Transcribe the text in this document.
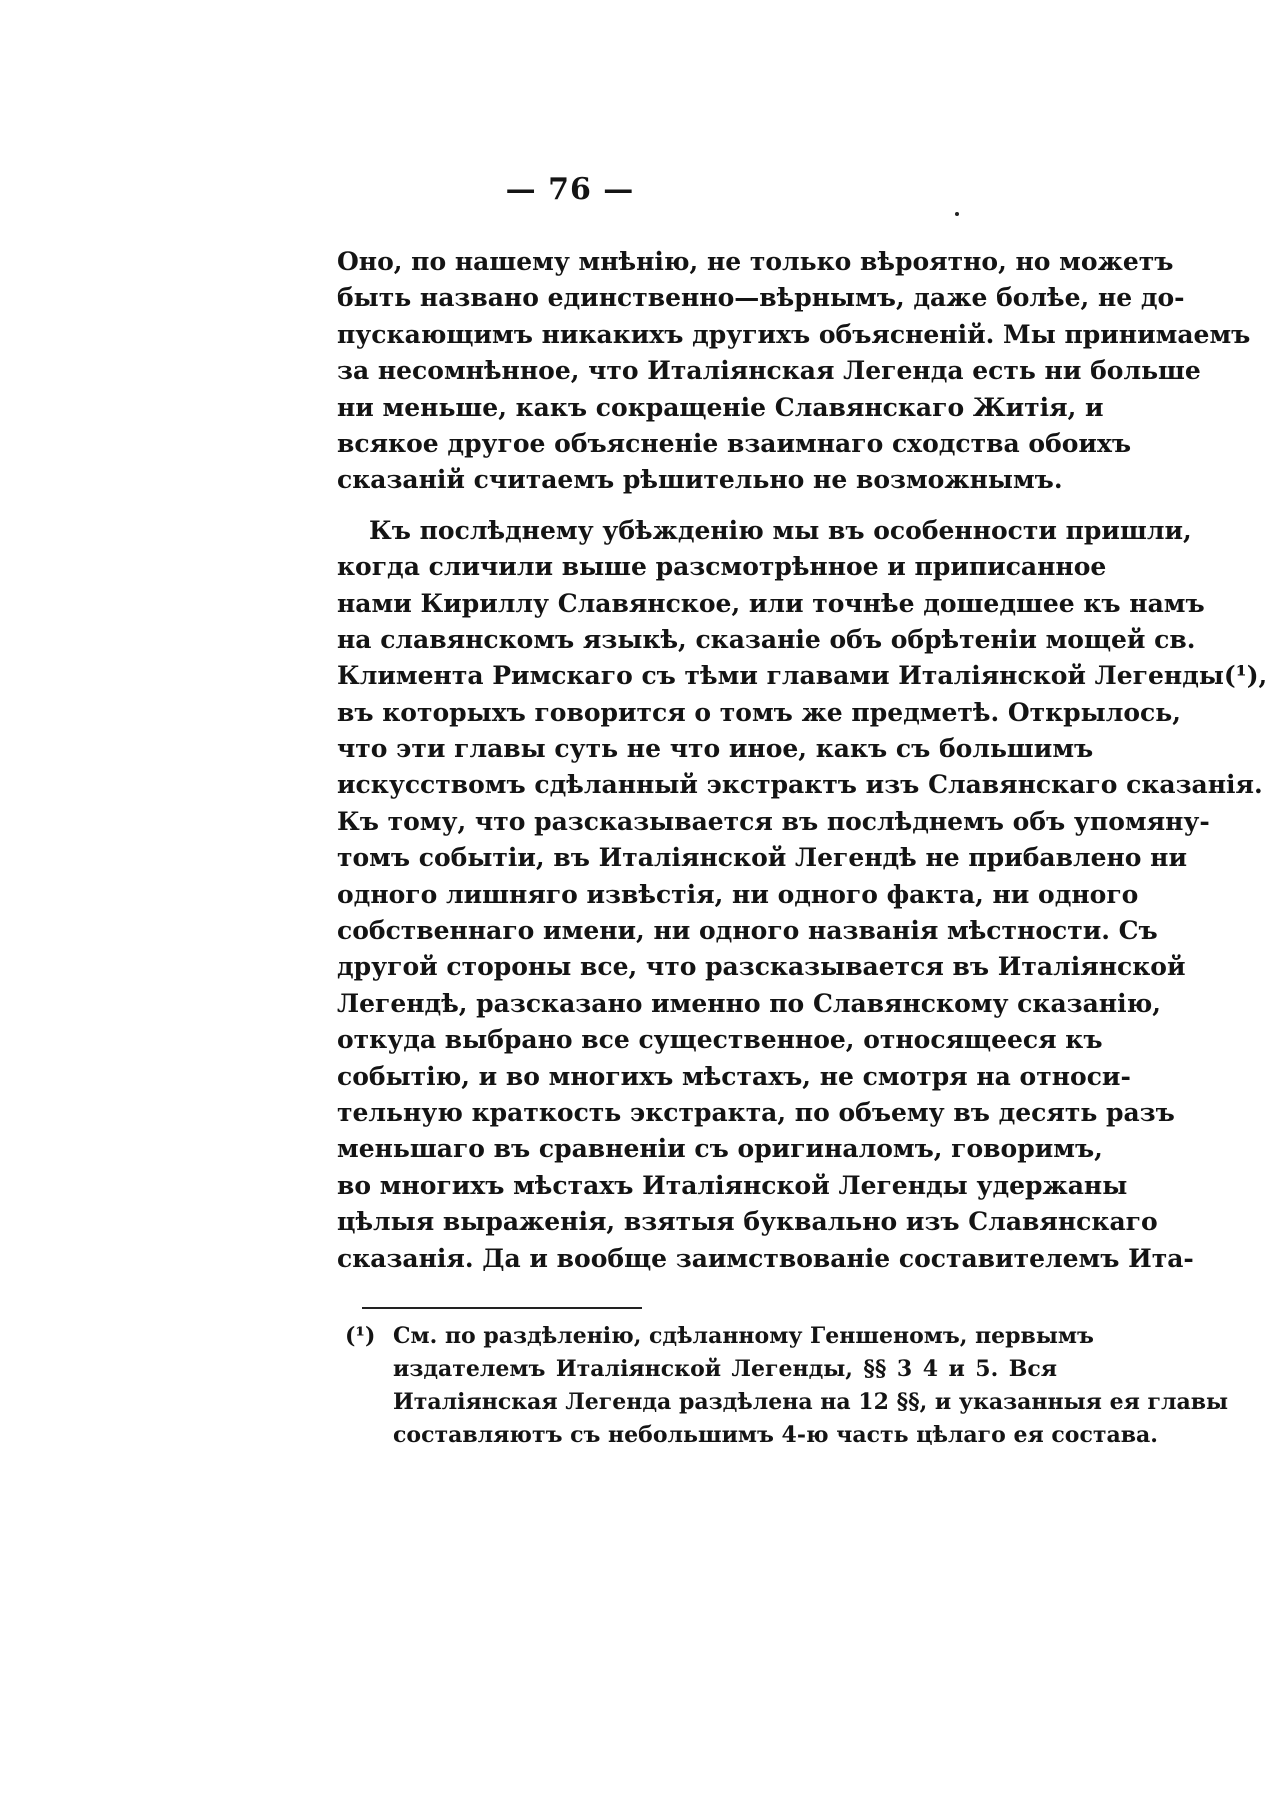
— 76 —
Оно, по нашему мнѣнію, не только вѣроятно, но можетъ
быть названо единственно—вѣрнымъ, даже болѣе, не до-
пускающимъ никакихъ другихъ объясненій. Мы принимаемъ
за несомнѣнное, что Италіянская Легенда есть ни больше
ни меньше, какъ сокращеніе Славянскаго Житія, и
всякое другое объясненіе взаимнаго сходства обоихъ
сказаній считаемъ рѣшительно не возможнымъ.
Къ послѣднему убѣжденію мы въ особенности пришли,
когда сличили выше разсмотрѣнное и приписанное
нами Кириллу Славянское, или точнѣе дошедшее къ намъ
на славянскомъ языкѣ, сказаніе объ обрѣтеніи мощей св.
Климента Римскаго съ тѣми главами Италіянской Легенды(¹),
въ которыхъ говорится о томъ же предметѣ. Открылось,
что эти главы суть не что иное, какъ съ большимъ
искусствомъ сдѣланный экстрактъ изъ Славянскаго сказанія.
Къ тому, что разсказывается въ послѣднемъ объ упомяну-
томъ событіи, въ Италіянской Легендѣ не прибавлено ни
одного лишняго извѣстія, ни одного факта, ни одного
собственнаго имени, ни одного названія мѣстности. Съ
другой стороны все, что разсказывается въ Италіянской
Легендѣ, разсказано именно по Славянскому сказанію,
откуда выбрано все существенное, относящееся къ
событію, и во многихъ мѣстахъ, не смотря на относи-
тельную краткость экстракта, по объему въ десять разъ
меньшаго въ сравненіи съ оригиналомъ, говоримъ,
во многихъ мѣстахъ Италіянской Легенды удержаны
цѣлыя выраженія, взятыя буквально изъ Славянскаго
сказанія. Да и вообще заимствованіе составителемъ Ита-
(¹) См. по раздѣленію, сдѣланному Геншеномъ, первымъ
издателемъ Италіянской Легенды, §§ 3 4 и 5. Вся
Италіянская Легенда раздѣлена на 12 §§, и указанныя ея главы
составляютъ съ небольшимъ 4-ю часть цѣлаго ея состава.
